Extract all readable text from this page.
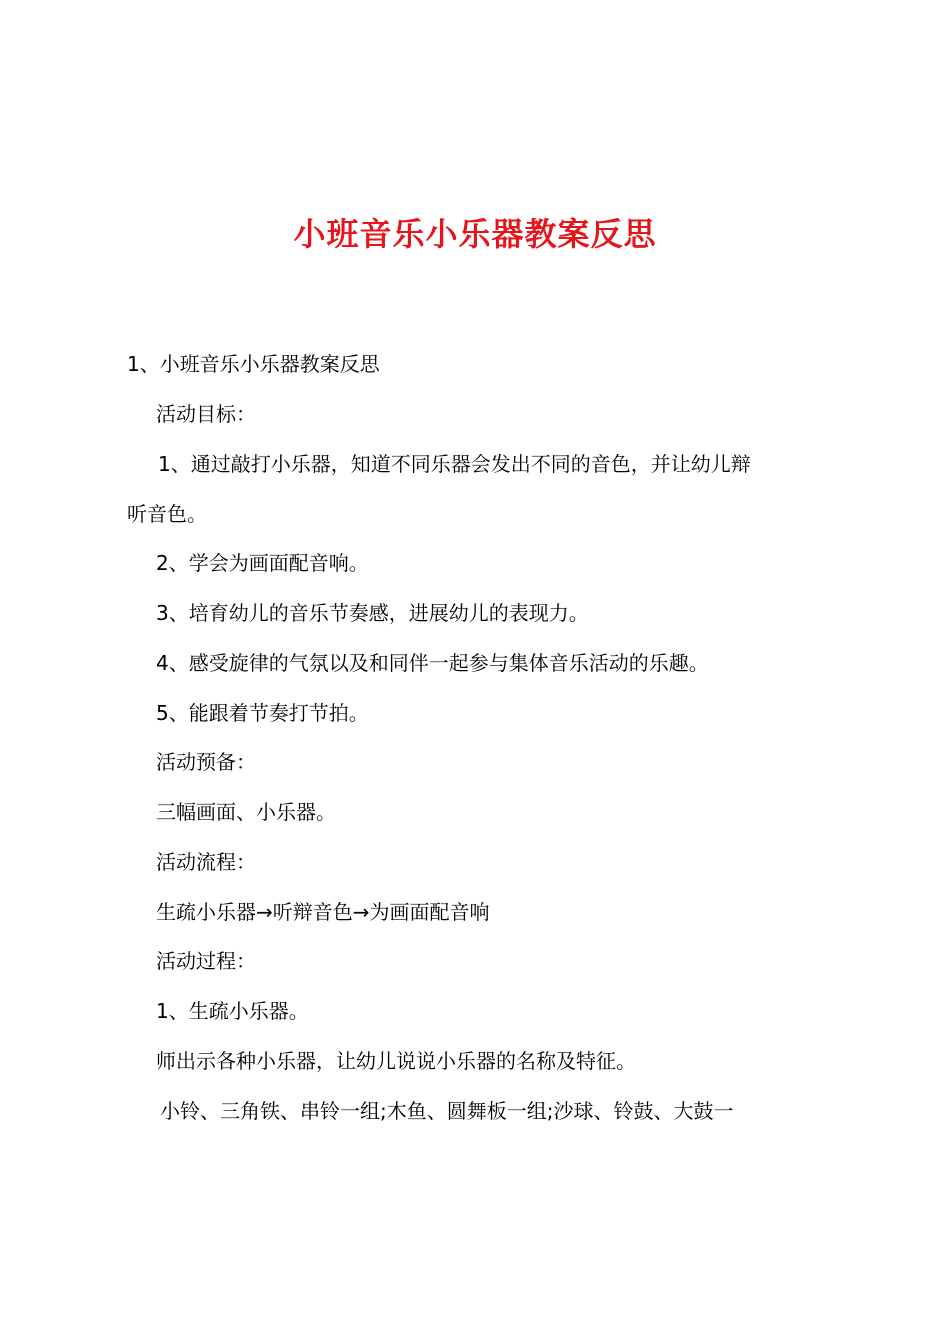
小班音乐小乐器教案反思
1、小班音乐小乐器教案反思
活动目标：
1、通过敲打小乐器，知道不同乐器会发出不同的音色，并让幼儿辩
听音色。
2、学会为画面配音响。
3、培育幼儿的音乐节奏感，进展幼儿的表现力。
4、感受旋律的气氛以及和同伴一起参与集体音乐活动的乐趣。
5、能跟着节奏打节拍。
活动预备：
三幅画面、小乐器。
活动流程：
生疏小乐器→听辩音色→为画面配音响
活动过程：
1、生疏小乐器。
师出示各种小乐器，让幼儿说说小乐器的名称及特征。
小铃、三角铁、串铃一组;木鱼、圆舞板一组;沙球、铃鼓、大鼓一
